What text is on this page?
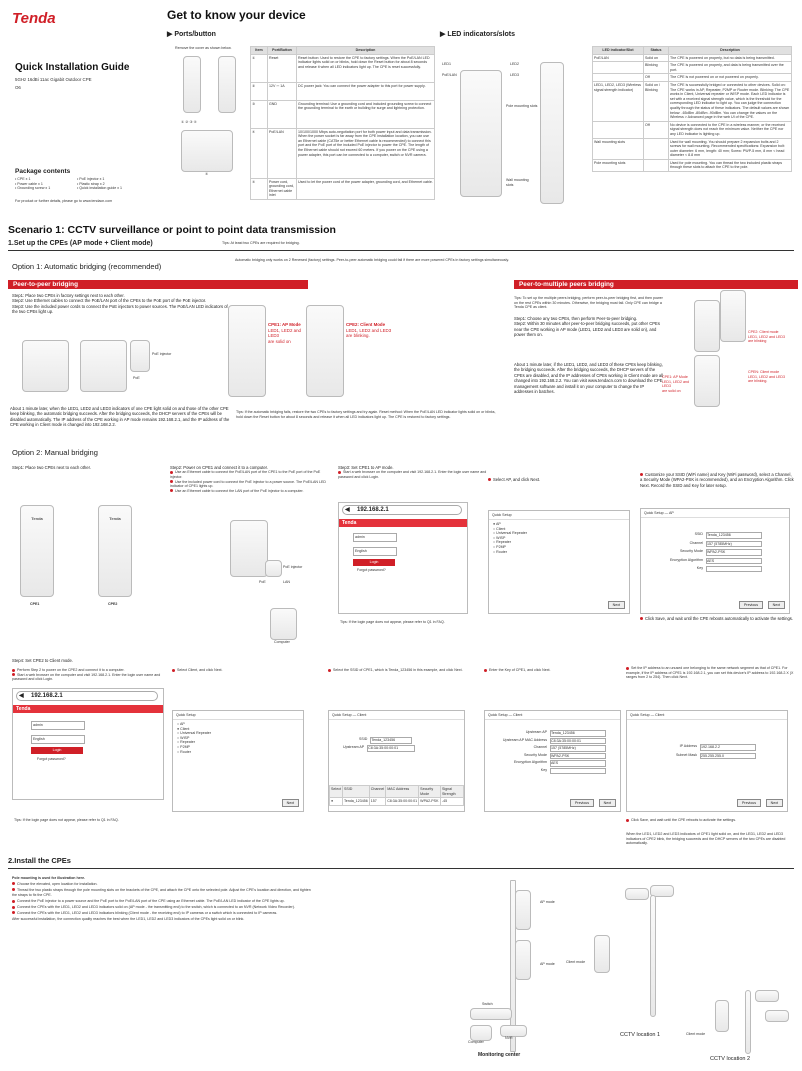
Get to know your device
▶ Ports/button	▶ LED indicators/slots
Tenda
Quick Installation Guide
5GHz 16dBi 11ac Gigabit Outdoor CPE
O6
Remove the cover as shown below.
① ② ③ ④
⑤
Package contents
• CPE x 1	• PoE injector x 1
• Power cable x 1	• Plastic strap x 2
• Grounding screw x 1	• Quick installation guide x 1
For product or further details, please go to www.tendacn.com
Item	Port/Button	Description
①	Reset	Reset button: Used to restore the CPE to factory settings. When the PoE/LAN LED indicator lights solid on or blinks, hold down the Reset button for about 8 seconds and release it when all LED indicators light up. The CPE is reset successfully.
②	12V ⎓ 1A	DC power jack: You can connect the power adapter to this port for power supply.
③	GND	Grounding terminal: Use a grounding cord and included grounding screw to connect the grounding terminal to the earth or building for surge and lightning protection.
④	PoE/LAN	10/100/1000 Mbps auto-negotiation port for both power input and data transmission. When the power socket is far away from the CPE installation location, you can use an Ethernet cable (CAT5e or better Ethernet cable is recommended) to connect this port and the PoE port of the included PoE injector to power the CPE. The length of the Ethernet cable should not exceed 60 meters. If you power on the CPE using a power adapter, this port can be connected to a computer, switch or NVR camera.
⑤	Power cord, grounding cord, Ethernet cable inlet	Used to let the power cord of the power adapter, grounding cord, and Ethernet cable.
LED1
PoE/LAN
LED2
LED3
Pole mounting slots
Wall mounting slots
LED indicator/Slot	Status	Description
PoE/LAN	Solid on	The CPE is powered on properly, but no data is being transmitted.
	Blinking	The CPE is powered on properly, and data is being transmitted over the port.
	Off	The CPE is not powered on or not powered on properly.
LED1, LED2, LED3 (Wireless signal strength indicator)	Solid on / Blinking	The CPE is successfully bridged or connected to other devices. Solid on: The CPE works in AP, Repeater, P2MP or Router mode. Blinking: The CPE works in Client, Universal repeater or WISP mode. Each LED indicator is set with a received signal strength value, which is the threshold for the corresponding LED indicator to light up. You can judge the connection quality through the status of these indicators. The default values are shown below: -65dBm -80dBm -90dBm. You can change the values on the Wireless > Advanced page in the web UI of the CPE.
	Off	No device is connected to the CPE in a wireless manner, or the received signal strength does not reach the minimum value. Neither the CPE nor any LED indicator is lighting up.
Wall mounting slots		Used for wall mounting. You should prepare 2 expansion bolts and 2 screws for wall mounting. Recommended specifications: Expansion bolt: outer diameter: 6 mm, length: 40 mm; Screw: PWP-5 mm, 8 mm < head diameter < 8.8 mm
Pole mounting slots		Used for pole mounting. You can thread the two included plastic straps through these slots to attach the CPE to the pole.
Scenario 1: CCTV surveillance or point to point data transmission
1.Set up the CPEs (AP mode + Client mode)	Tips: At least two CPEs are required for bridging.
Option 1: Automatic bridging (recommended)
Automatic bridging only works on 2 Renewed (factory) settings. Peer-to-peer automatic bridging could fail if there are more powered CPEs in factory settings simultaneously.
Peer-to-peer bridging
Step1: Place two CPEs in factory settings next to each other.
Step2: Use Ethernet cables to connect the PoE/LAN port of the CPEs to the PoE port of the PoE injector.
Step3: Use the included power cords to connect the PoE injectors to power sources. The PoE/LAN LED indicators of the two CPEs light up.
PoE
PoE injector
About 1 minute later, when the LED1, LED2 and LED3 indicators of one CPE light solid on and those of the other CPE keep blinking, the automatic bridging succeeds. After the bridging succeeds, the DHCP servers of the CPEs will be disabled automatically. The IP address of the CPE working in AP mode remains 192.168.2.1, and the IP address of the CPE working in Client mode is changed into 192.168.2.2.
CPE1: AP Mode
LED1, LED2 and LED3
are solid on
CPE2: Client Mode
LED1, LED2 and LED3
are blinking.
Tips: If the automatic bridging fails, restore the two CPEs to factory settings and try again. Reset method: When the PoE/LAN LED indicator lights solid on or blinks, hold down the Reset button for about 8 seconds and release it when all LED indicators light up. The CPE is restored to factory settings.
Peer-to-multiple peers bridging
Tips: To set up the multiple peers bridging, perform peer-to-peer bridging first, and then power on the rest CPEs within 30 minutes. Otherwise, the bridging must fail. Only CPE can bridge a Tenda CPE as client.
Step1: Choose any two CPEs, then perform Peer-to-peer bridging.
Step2: Within 30 minutes after peer-to-peer bridging succeeds, put other CPEs near the CPE working in AP mode (LED1, LED2 and LED3 are solid on), and power them on.
About 1 minute later, if the LED1, LED2, and LED3 of these CPEs keep blinking, the bridging succeeds. After the bridging succeeds, the DHCP servers of the CPEs are disabled, and the IP addresses of CPEs working in Client mode are all changed into 192.168.2.2. You can visit www.tendacn.com to download the CPE management software and install it on your computer to change the IP addresses in batches.
CPE1: AP Mode
LED1, LED2 and LED3
are solid on
CPE2: Client mode
LED1, LED2 and LED3
are blinking
CPEN: Client mode
LED1, LED2 and LED3
are blinking.
Option 2: Manual bridging
Step1: Place two CPEs next to each other.
Tenda	Tenda
CPE1	CPE2
Step2: Power on CPE1 and connect it to a computer.
Use an Ethernet cable to connect the PoE/LAN port of the CPE1 to the PoE port of the PoE injector.
Use the included power cord to connect the PoE injector to a power source. The PoE/LAN LED indicator of CPE1 lights up.
Use an Ethernet cable to connect the LAN port of the PoE injector to a computer.
PoE injector
PoE	LAN
Computer
Step3: Set CPE1 to AP mode.
Start a web browser on the computer and visit 192.168.2.1. Enter the login user name and password and click Login.
◀ 192.168.2.1
Tenda
admin
English
Login
Forgot password?
Tips: If the login page does not appear, please refer to Q1 in FAQ.
Select AP, and click Next.
Quick Setup
● AP
○ Client
○ Universal Repeater
○ WISP
○ Repeater
○ P2MP
○ Router
Next
Customize your SSID (WiFi name) and Key (WiFi password), select a Channel, a Security Mode (WPA2-PSK is recommended), and an Encryption Algorithm. Click Next. Record the SSID and Key for later setup.
Quick Setup — AP
SSID Tenda_123456
Channel 157 (5785MHz)
Security Mode WPA2-PSK
Encryption Algorithm AES
Key
Previous	Next
Click Save, and wait until the CPE reboots automatically to activate the settings.
Step4: Set CPE2 to Client mode.
Perform Step 2 to power on the CPE2 and connect it to a computer.
Start a web browser on the computer and visit 192.168.2.1. Enter the login user name and password and click Login.
◀ 192.168.2.1
Tenda
admin
English
Login
Forgot password?
Tips: If the login page does not appear, please refer to Q1 in FAQ.
Select Client, and click Next.
Quick Setup
○ AP
● Client
○ Universal Repeater
○ WISP
○ Repeater
○ P2MP
○ Router
Next
Select the SSID of CPE1, which is Tenda_123456 in this example, and click Next.
Quick Setup — Client
SSID Tenda_123456
Upstream AP C8:3A:35:00:00:01
Select	SSID	Channel	MAC Address	Security Mode	Signal Strength
●	Tenda_123456	157	C8:3A:35:00:00:01	WPA2-PSK	-45
Enter the Key of CPE1, and click Next.
Quick Setup — Client
Upstream AP Tenda_123456
Upstream AP MAC Address C8:3A:35:00:00:01
Channel 157 (5785MHz)
Security Mode WPA2-PSK
Encryption Algorithm AES
Key
Previous	Next
Set the IP address to an unused one belonging to the same network segment as that of CPE1. For example, if the IP address of CPE1 is 192.168.2.1, you can set this device's IP address to 192.168.2.X (X ranges from 2 to 254). Then click Next.
Quick Setup — Client
IP Address 192.168.2.2
Subnet Mask 255.255.255.0
Previous	Next
Click Save, and wait until the CPE reboots to activate the settings.
When the LED1, LED2 and LED3 indicators of CPE1 light solid on, and the LED1, LED2 and LED3 indicators of CPE2 blink, the bridging succeeds and the DHCP servers of the two CPEs are disabled automatically.
2.Install the CPEs
Pole mounting is used for illustration here.
Choose the elevated, open location for installation.
Thread the two plastic straps through the pole mounting slots on the brackets of the CPE, and attach the CPE onto the selected pole. Adjust the CPE's location and direction, and tighten the straps to fix the CPE.
Connect the PoE injector to a power source and the PoE port to the PoE/LAN port of the CPE using an Ethernet cable. The PoE/LAN LED indicator of the CPE lights up.
Connect the CPEs with the LED1, LED2 and LED3 indicators solid on (AP mode - the transmitting end) to the switch, which is connected to an NVR (Network Video Recorder).
Connect the CPEs with the LED1, LED2 and LED3 indicators blinking (Client mode - the receiving end) to IP cameras or a switch which is connected to IP cameras.
After successful installation, the connection quality reaches the best when the LED1, LED2 and LED3 indicators of the CPEs light solid on or blink.
AP mode
AP mode
Switch
NVR
Computer
Monitoring center
Client mode
CCTV location 1	Client mode
CCTV location 2
